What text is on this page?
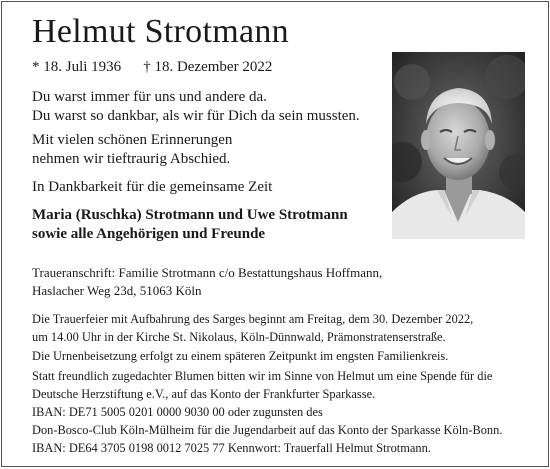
Helmut Strotmann
* 18. Juli 1936 † 18. Dezember 2022
Du warst immer für uns und andere da.
Du warst so dankbar, als wir für Dich da sein mussten.
Mit vielen schönen Erinnerungen
nehmen wir tieftraurig Abschied.
In Dankbarkeit für die gemeinsame Zeit
Maria (Ruschka) Strotmann und Uwe Strotmann
sowie alle Angehörigen und Freunde
Traueranschrift: Familie Strotmann c/o Bestattungshaus Hoffmann,
Haslacher Weg 23d, 51063 Köln
Die Trauerfeier mit Aufbahrung des Sarges beginnt am Freitag, dem 30. Dezember 2022,
um 14.00 Uhr in der Kirche St. Nikolaus, Köln-Dünnwald, Prämonstratenserstraße.
Die Urnenbeisetzung erfolgt zu einem späteren Zeitpunkt im engsten Familienkreis.
Statt freundlich zugedachter Blumen bitten wir im Sinne von Helmut um eine Spende für die
Deutsche Herzstiftung e.V., auf das Konto der Frankfurter Sparkasse.
IBAN: DE71 5005 0201 0000 9030 00 oder zugunsten des
Don-Bosco-Club Köln-Mülheim für die Jugendarbeit auf das Konto der Sparkasse Köln-Bonn.
IBAN: DE64 3705 0198 0012 7025 77 Kennwort: Trauerfall Helmut Strotmann.
